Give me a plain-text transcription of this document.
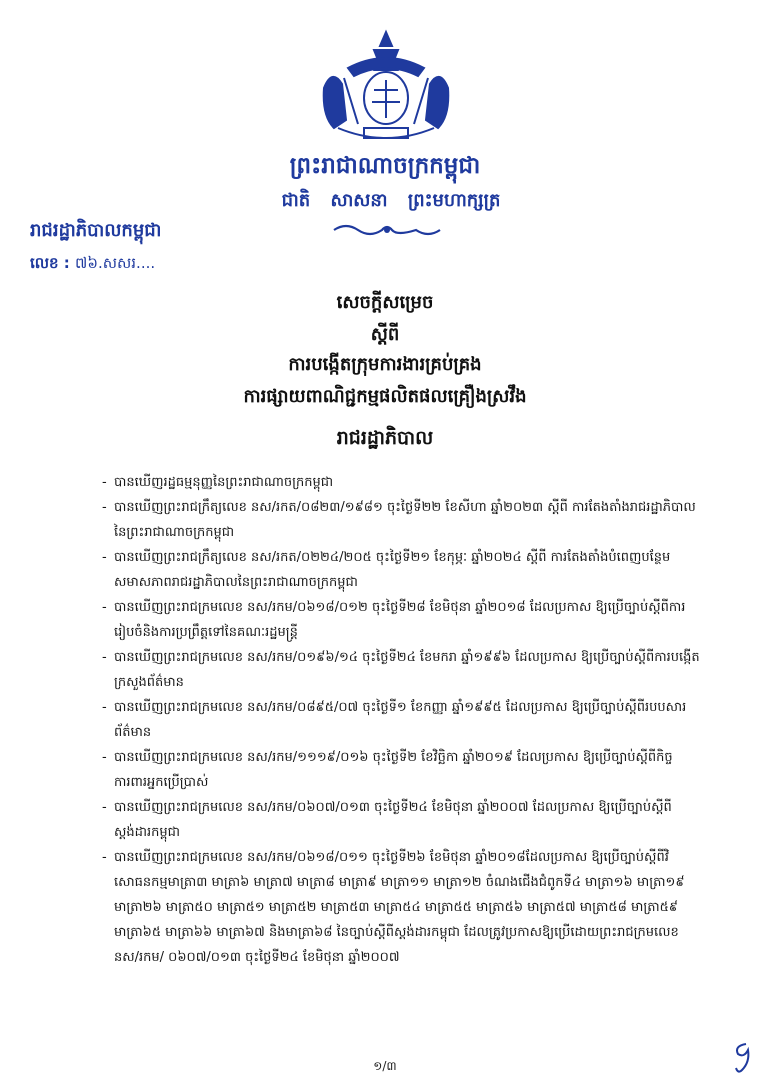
ព្រះរាជាណាចក្រកម្ពុជា
ជាតិ សាសនា ព្រះមហាក្សត្រ
រាជរដ្ឋាភិបាលកម្ពុជា
លេខ : ៧៦.សសរ....
សេចក្តីសម្រេច
ស្តីពី
ការបង្កើតក្រុមការងារគ្រប់គ្រង
ការផ្សាយពាណិជ្ជកម្មផលិតផលគ្រឿងស្រវឹង
រាជរដ្ឋាភិបាល
- បានឃើញរដ្ឋធម្មនុញ្ញនៃព្រះរាជាណាចក្រកម្ពុជា
- បានឃើញព្រះរាជក្រឹត្យលេខ នស/រកត/០៨២៣/១៩៨១ ចុះថ្ងៃទី២២ ខែសីហា ឆ្នាំ២០២៣ ស្តីពី ការតែងតាំងរាជរដ្ឋាភិបាលនៃព្រះរាជាណាចក្រកម្ពុជា
- បានឃើញព្រះរាជក្រឹត្យលេខ នស/រកត/០២២៤/២០៥ ចុះថ្ងៃទី២១ ខែកុម្ភៈ ឆ្នាំ២០២៤ ស្តីពី ការតែងតាំងបំពេញបន្ថែមសមាសភាពរាជរដ្ឋាភិបាលនៃព្រះរាជាណាចក្រកម្ពុជា
- បានឃើញព្រះរាជក្រមលេខ នស/រកម/០៦១៨/០១២ ចុះថ្ងៃទី២៨ ខែមិថុនា ឆ្នាំ២០១៨ ដែលប្រកាស ឱ្យប្រើច្បាប់ស្តីពីការរៀបចំនិងការប្រព្រឹត្តទៅនៃគណៈរដ្ឋមន្ត្រី
- បានឃើញព្រះរាជក្រមលេខ នស/រកម/០១៩៦/១៤ ចុះថ្ងៃទី២៤ ខែមករា ឆ្នាំ១៩៩៦ ដែលប្រកាស ឱ្យប្រើច្បាប់ស្តីពីការបង្កើតក្រសួងព័ត៌មាន
- បានឃើញព្រះរាជក្រមលេខ នស/រកម/០៨៩៥/០៧ ចុះថ្ងៃទី១ ខែកញ្ញា ឆ្នាំ១៩៩៥ ដែលប្រកាស ឱ្យប្រើច្បាប់ស្តីពីរបបសារព័ត៌មាន
- បានឃើញព្រះរាជក្រមលេខ នស/រកម/១១១៩/០១៦ ចុះថ្ងៃទី២ ខែវិច្ឆិកា ឆ្នាំ២០១៩ ដែលប្រកាស ឱ្យប្រើច្បាប់ស្តីពីកិច្ចការពារអ្នកប្រើប្រាស់
- បានឃើញព្រះរាជក្រមលេខ នស/រកម/០៦០៧/០១៣ ចុះថ្ងៃទី២៤ ខែមិថុនា ឆ្នាំ២០០៧ ដែលប្រកាស ឱ្យប្រើច្បាប់ស្តីពីស្តង់ដារកម្ពុជា
- បានឃើញព្រះរាជក្រមលេខ នស/រកម/០៦១៨/០១១ ចុះថ្ងៃទី២៦ ខែមិថុនា ឆ្នាំ២០១៨ដែលប្រកាស ឱ្យប្រើច្បាប់ស្តីពីវិសោធនកម្មមាត្រា៣ មាត្រា៦ មាត្រា៧ មាត្រា៨ មាត្រា៩ មាត្រា១១ មាត្រា១២ ចំណងជើងជំពូកទី៤ មាត្រា១៦ មាត្រា១៩ មាត្រា២៦ មាត្រា៥០ មាត្រា៥១ មាត្រា៥២ មាត្រា៥៣ មាត្រា៥៤ មាត្រា៥៥ មាត្រា៥៦ មាត្រា៥៧ មាត្រា៥៨ មាត្រា៥៩ មាត្រា៦៥ មាត្រា៦៦ មាត្រា៦៧ និងមាត្រា៦៨ នៃច្បាប់ស្តីពីស្តង់ដារកម្ពុជា ដែលត្រូវប្រកាសឱ្យប្រើដោយព្រះរាជក្រមលេខ នស/រកម/ ០៦០៧/០១៣ ចុះថ្ងៃទី២៤ ខែមិថុនា ឆ្នាំ២០០៧
១/៣
